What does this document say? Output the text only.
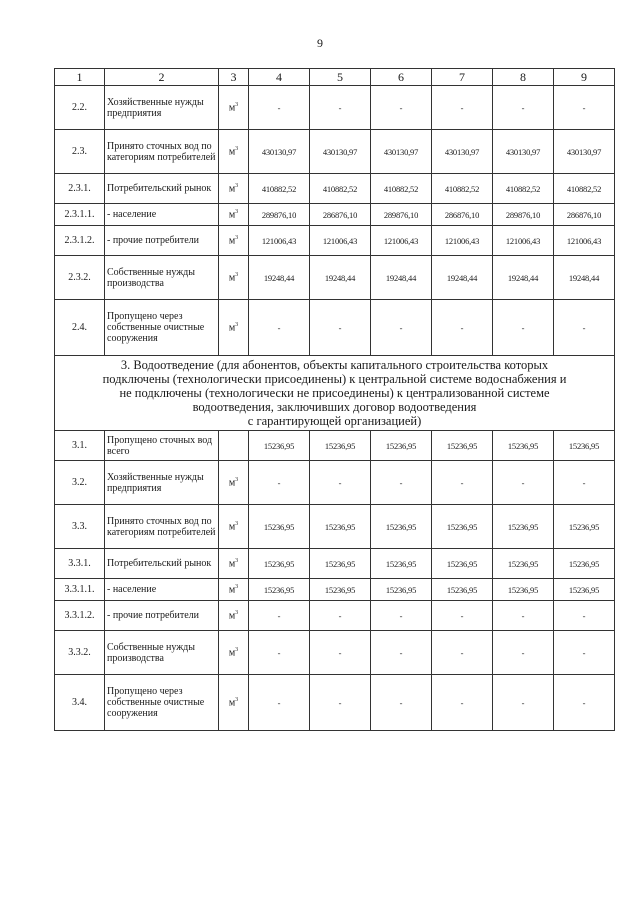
9
1	2	3	4	5	6	7	8	9
2.2.	Хозяйственные нужды предприятия	$м^3$	-	-	-	-	-	-
2.3.	Принято сточных вод по категориям потребителей	$м^3$	430130,97	430130,97	430130,97	430130,97	430130,97	430130,97
2.3.1.	Потребительский рынок	$м^3$	410882,52	410882,52	410882,52	410882,52	410882,52	410882,52
2.3.1.1.	- население	$м^3$	289876,10	286876,10	289876,10	286876,10	289876,10	286876,10
2.3.1.2.	- прочие потребители	$м^3$	121006,43	121006,43	121006,43	121006,43	121006,43	121006,43
2.3.2.	Собственные нужды производства	$м^3$	19248,44	19248,44	19248,44	19248,44	19248,44	19248,44
2.4.	Пропущено через собственные очистные сооружения	$м^3$	-	-	-	-	-	-

3. Водоотведение (для абонентов, объекты капитального строительства которых
подключены (технологически присоединены) к центральной системе водоснабжения и
не подключены (технологически не присоединены) к централизованной системе
водоотведения, заключивших договор водоотведения
с гарантирующей организацией)								

3.1.	Пропущено сточных вод всего		15236,95	15236,95	15236,95	15236,95	15236,95	15236,95
3.2.	Хозяйственные нужды предприятия	$м^3$	-	-	-	-	-	-
3.3.	Принято сточных вод по категориям потребителей	$м^3$	15236,95	15236,95	15236,95	15236,95	15236,95	15236,95
3.3.1.	Потребительский рынок	$м^3$	15236,95	15236,95	15236,95	15236,95	15236,95	15236,95
3.3.1.1.	- население	$м^3$	15236,95	15236,95	15236,95	15236,95	15236,95	15236,95
3.3.1.2.	- прочие потребители	$м^3$	-	-	-	-	-	-
3.3.2.	Собственные нужды производства	$м^3$	-	-	-	-	-	-
3.4.	Пропущено через собственные очистные сооружения	$м^3$	-	-	-	-	-	-
